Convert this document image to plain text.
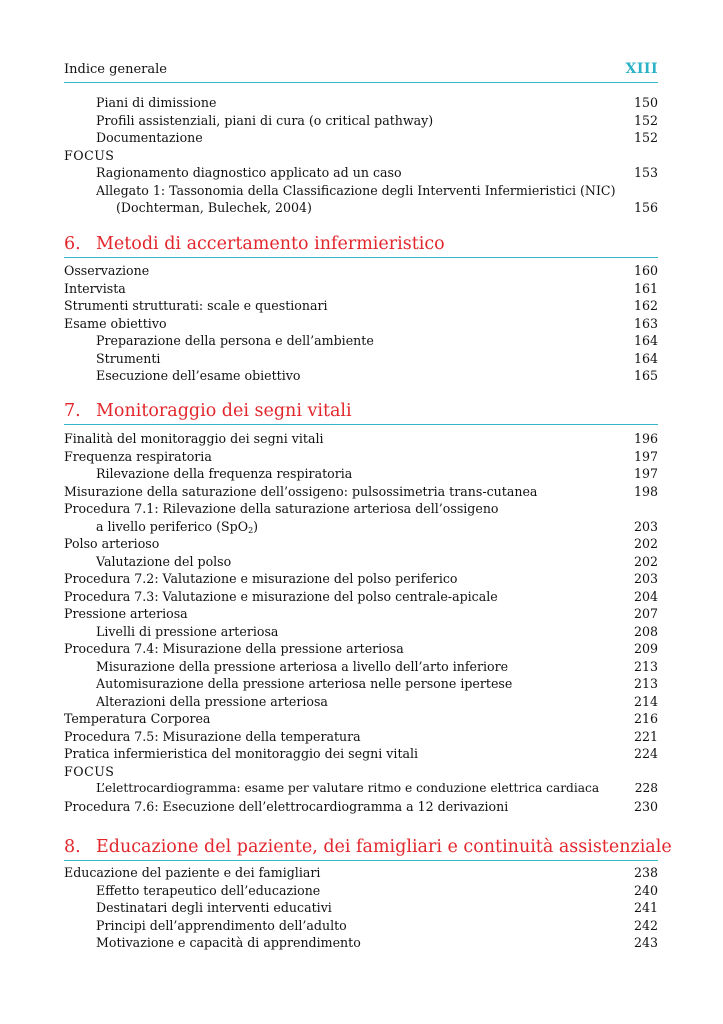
Indice generale	XIII
Piani di dimissione	150
Profili assistenziali, piani di cura (o critical pathway)	152
Documentazione	152
FOCUS
Ragionamento diagnostico applicato ad un caso	153
Allegato 1: Tassonomia della Classificazione degli Interventi Infermieristici (NIC)
(Dochterman, Bulechek, 2004)	156
6. Metodi di accertamento infermieristico
Osservazione	160
Intervista	161
Strumenti strutturati: scale e questionari	162
Esame obiettivo	163
Preparazione della persona e dell’ambiente	164
Strumenti	164
Esecuzione dell’esame obiettivo	165
7. Monitoraggio dei segni vitali
Finalità del monitoraggio dei segni vitali	196
Frequenza respiratoria	197
Rilevazione della frequenza respiratoria	197
Misurazione della saturazione dell’ossigeno: pulsossimetria trans-cutanea	198
Procedura 7.1: Rilevazione della saturazione arteriosa dell’ossigeno
a livello periferico (SpO$_2$)	203
Polso arterioso	202
Valutazione del polso	202
Procedura 7.2: Valutazione e misurazione del polso periferico	203
Procedura 7.3: Valutazione e misurazione del polso centrale-apicale	204
Pressione arteriosa	207
Livelli di pressione arteriosa	208
Procedura 7.4: Misurazione della pressione arteriosa	209
Misurazione della pressione arteriosa a livello dell’arto inferiore	213
Automisurazione della pressione arteriosa nelle persone ipertese	213
Alterazioni della pressione arteriosa	214
Temperatura Corporea	216
Procedura 7.5: Misurazione della temperatura	221
Pratica infermieristica del monitoraggio dei segni vitali	224
FOCUS
L’elettrocardiogramma: esame per valutare ritmo e conduzione elettrica cardiaca	228
Procedura 7.6: Esecuzione dell’elettrocardiogramma a 12 derivazioni	230
8. Educazione del paziente, dei famigliari e continuità assistenziale
Educazione del paziente e dei famigliari	238
Effetto terapeutico dell’educazione	240
Destinatari degli interventi educativi	241
Principi dell’apprendimento dell’adulto	242
Motivazione e capacità di apprendimento	243
